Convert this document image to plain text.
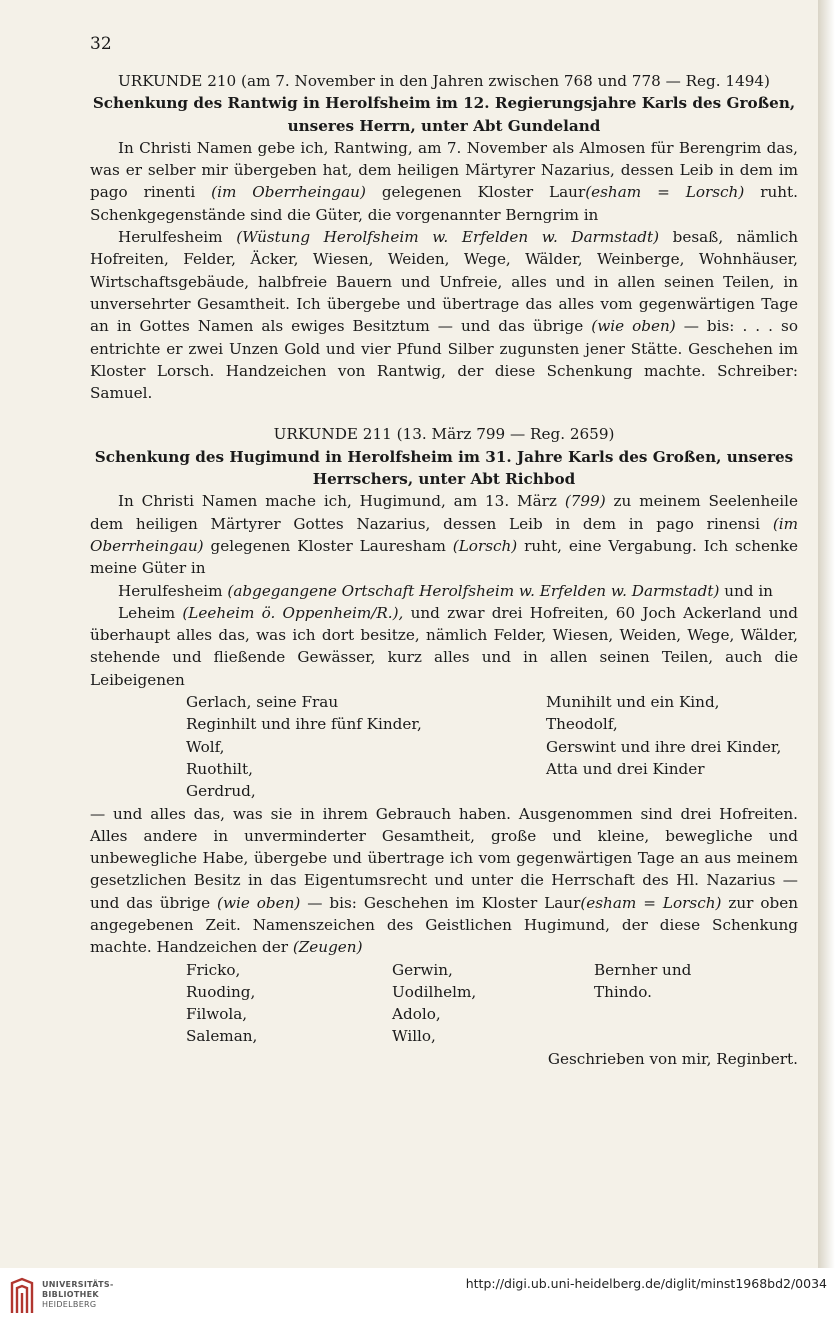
32

URKUNDE 210 (am 7. November in den Jahren zwischen 768 und 778 — Reg. 1494)

Schenkung des Rantwig in Herolfsheim im 12. Regierungsjahre Karls des Großen,

unseres Herrn, unter Abt Gundeland

In Christi Namen gebe ich, Rantwing, am 7. November als Almosen für Berengrim das, was er selber mir übergeben hat, dem heiligen Märtyrer Nazarius, dessen Leib in dem im pago rinenti (im Oberrheingau) gelegenen Kloster Laur(esham = Lorsch) ruht. Schenkgegenstände sind die Güter, die vorgenannter Berngrim in

Herulfesheim (Wüstung Herolfsheim w. Erfelden w. Darmstadt) besaß, nämlich Hofreiten, Felder, Äcker, Wiesen, Weiden, Wege, Wälder, Weinberge, Wohnhäuser, Wirtschaftsgebäude, halbfreie Bauern und Unfreie, alles und in allen seinen Teilen, in unversehrter Gesamtheit. Ich übergebe und übertrage das alles vom gegenwärtigen Tage an in Gottes Namen als ewiges Besitztum — und das übrige (wie oben) — bis: . . . so entrichte er zwei Unzen Gold und vier Pfund Silber zugunsten jener Stätte. Geschehen im Kloster Lorsch. Handzeichen von Rantwig, der diese Schenkung machte. Schreiber: Samuel.

URKUNDE 211 (13. März 799 — Reg. 2659)

Schenkung des Hugimund in Herolfsheim im 31. Jahre Karls des Großen, unseres

Herrschers, unter Abt Richbod

In Christi Namen mache ich, Hugimund, am 13. März (799) zu meinem Seelenheile dem heiligen Märtyrer Gottes Nazarius, dessen Leib in dem in pago rinensi (im Oberrheingau) gelegenen Kloster Lauresham (Lorsch) ruht, eine Vergabung. Ich schenke meine Güter in

Herulfesheim (abgegangene Ortschaft Herolfsheim w. Erfelden w. Darmstadt) und in

Leheim (Leeheim ö. Oppenheim/R.), und zwar drei Hofreiten, 60 Joch Ackerland und überhaupt alles das, was ich dort besitze, nämlich Felder, Wiesen, Weiden, Wege, Wälder, stehende und fließende Gewässer, kurz alles und in allen seinen Teilen, auch die Leibeigenen

Gerlach, seine Frau	Munihilt und ein Kind,
Reginhilt und ihre fünf Kinder,	Theodolf,
Wolf,	Gerswint und ihre drei Kinder,
Ruothilt,	Atta und drei Kinder
Gerdrud,	

— und alles das, was sie in ihrem Gebrauch haben. Ausgenommen sind drei Hofreiten. Alles andere in unverminderter Gesamtheit, große und kleine, bewegliche und unbewegliche Habe, übergebe und übertrage ich vom gegenwärtigen Tage an aus meinem gesetzlichen Besitz in das Eigentumsrecht und unter die Herrschaft des Hl. Nazarius — und das übrige (wie oben) — bis: Geschehen im Kloster Laur(esham = Lorsch) zur oben angegebenen Zeit. Namenszeichen des Geistlichen Hugimund, der diese Schenkung machte. Handzeichen der (Zeugen)

Fricko,	Gerwin,	Bernher und
Ruoding,	Uodilhelm,	Thindo.
Filwola,	Adolo,	
Saleman,	Willo,	

Geschrieben von mir, Reginbert.

UNIVERSITÄTS-
BIBLIOTHEK
HEIDELBERG
http://digi.ub.uni-heidelberg.de/diglit/minst1968bd2/0034
